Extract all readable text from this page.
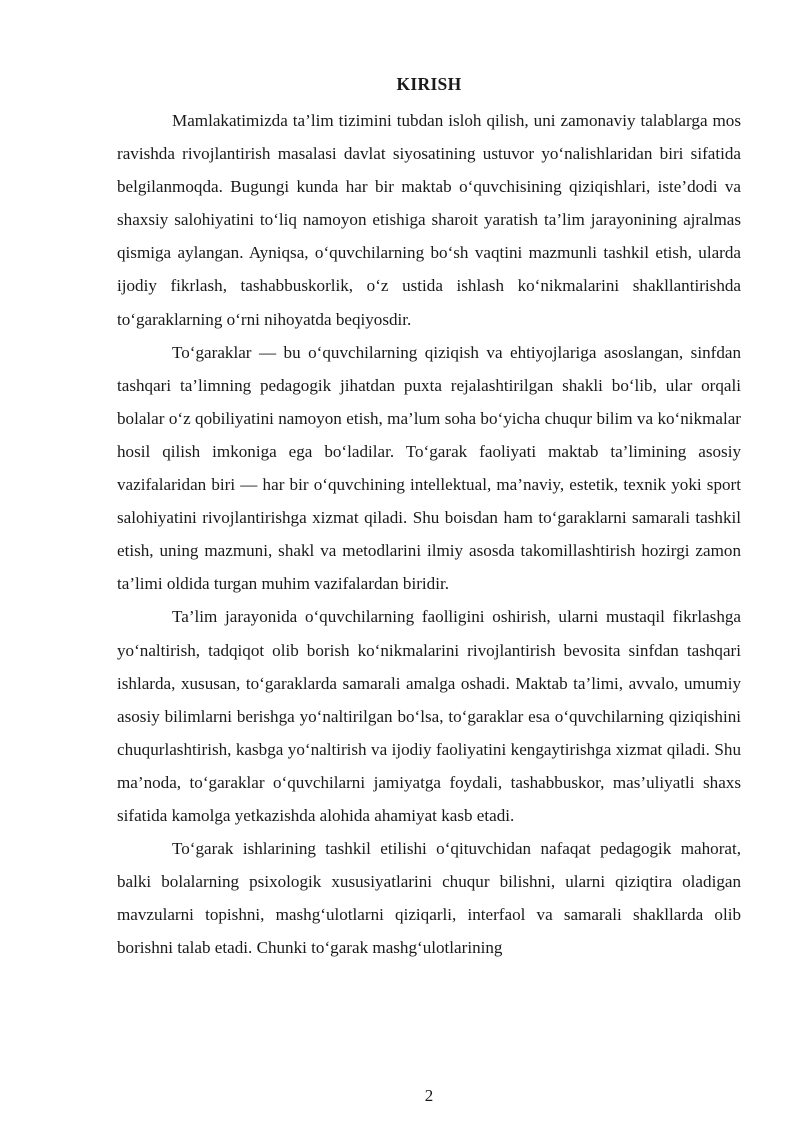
KIRISH

Mamlakatimizda ta’lim tizimini tubdan isloh qilish, uni zamonaviy talablarga mos ravishda rivojlantirish masalasi davlat siyosatining ustuvor yo‘nalishlaridan biri sifatida belgilanmoqda. Bugungi kunda har bir maktab o‘quvchisining qiziqishlari, iste’dodi va shaxsiy salohiyatini to‘liq namoyon etishiga sharoit yaratish ta’lim jarayonining ajralmas qismiga aylangan. Ayniqsa, o‘quvchilarning bo‘sh vaqtini mazmunli tashkil etish, ularda ijodiy fikrlash, tashabbuskorlik, o‘z ustida ishlash ko‘nikmalarini shakllantirishda to‘garaklarning o‘rni nihoyatda beqiyosdir.

To‘garaklar — bu o‘quvchilarning qiziqish va ehtiyojlariga asoslangan, sinfdan tashqari ta’limning pedagogik jihatdan puxta rejalashtirilgan shakli bo‘lib, ular orqali bolalar o‘z qobiliyatini namoyon etish, ma’lum soha bo‘yicha chuqur bilim va ko‘nikmalar hosil qilish imkoniga ega bo‘ladilar. To‘garak faoliyati maktab ta’limining asosiy vazifalaridan biri — har bir o‘quvchining intellektual, ma’naviy, estetik, texnik yoki sport salohiyatini rivojlantirishga xizmat qiladi. Shu boisdan ham to‘garaklarni samarali tashkil etish, uning mazmuni, shakl va metodlarini ilmiy asosda takomillashtirish hozirgi zamon ta’limi oldida turgan muhim vazifalardan biridir.

Ta’lim jarayonida o‘quvchilarning faolligini oshirish, ularni mustaqil fikrlashga yo‘naltirish, tadqiqot olib borish ko‘nikmalarini rivojlantirish bevosita sinfdan tashqari ishlarda, xususan, to‘garaklarda samarali amalga oshadi. Maktab ta’limi, avvalo, umumiy asosiy bilimlarni berishga yo‘naltirilgan bo‘lsa, to‘garaklar esa o‘quvchilarning qiziqishini chuqurlashtirish, kasbga yo‘naltirish va ijodiy faoliyatini kengaytirishga xizmat qiladi. Shu ma’noda, to‘garaklar o‘quvchilarni jamiyatga foydali, tashabbuskor, mas’uliyatli shaxs sifatida kamolga yetkazishda alohida ahamiyat kasb etadi.

To‘garak ishlarining tashkil etilishi o‘qituvchidan nafaqat pedagogik mahorat, balki bolalarning psixologik xususiyatlarini chuqur bilishni, ularni qiziqtira oladigan mavzularni topishni, mashg‘ulotlarni qiziqarli, interfaol va samarali shakllarda olib borishni talab etadi. Chunki to‘garak mashg‘ulotlarining

2
